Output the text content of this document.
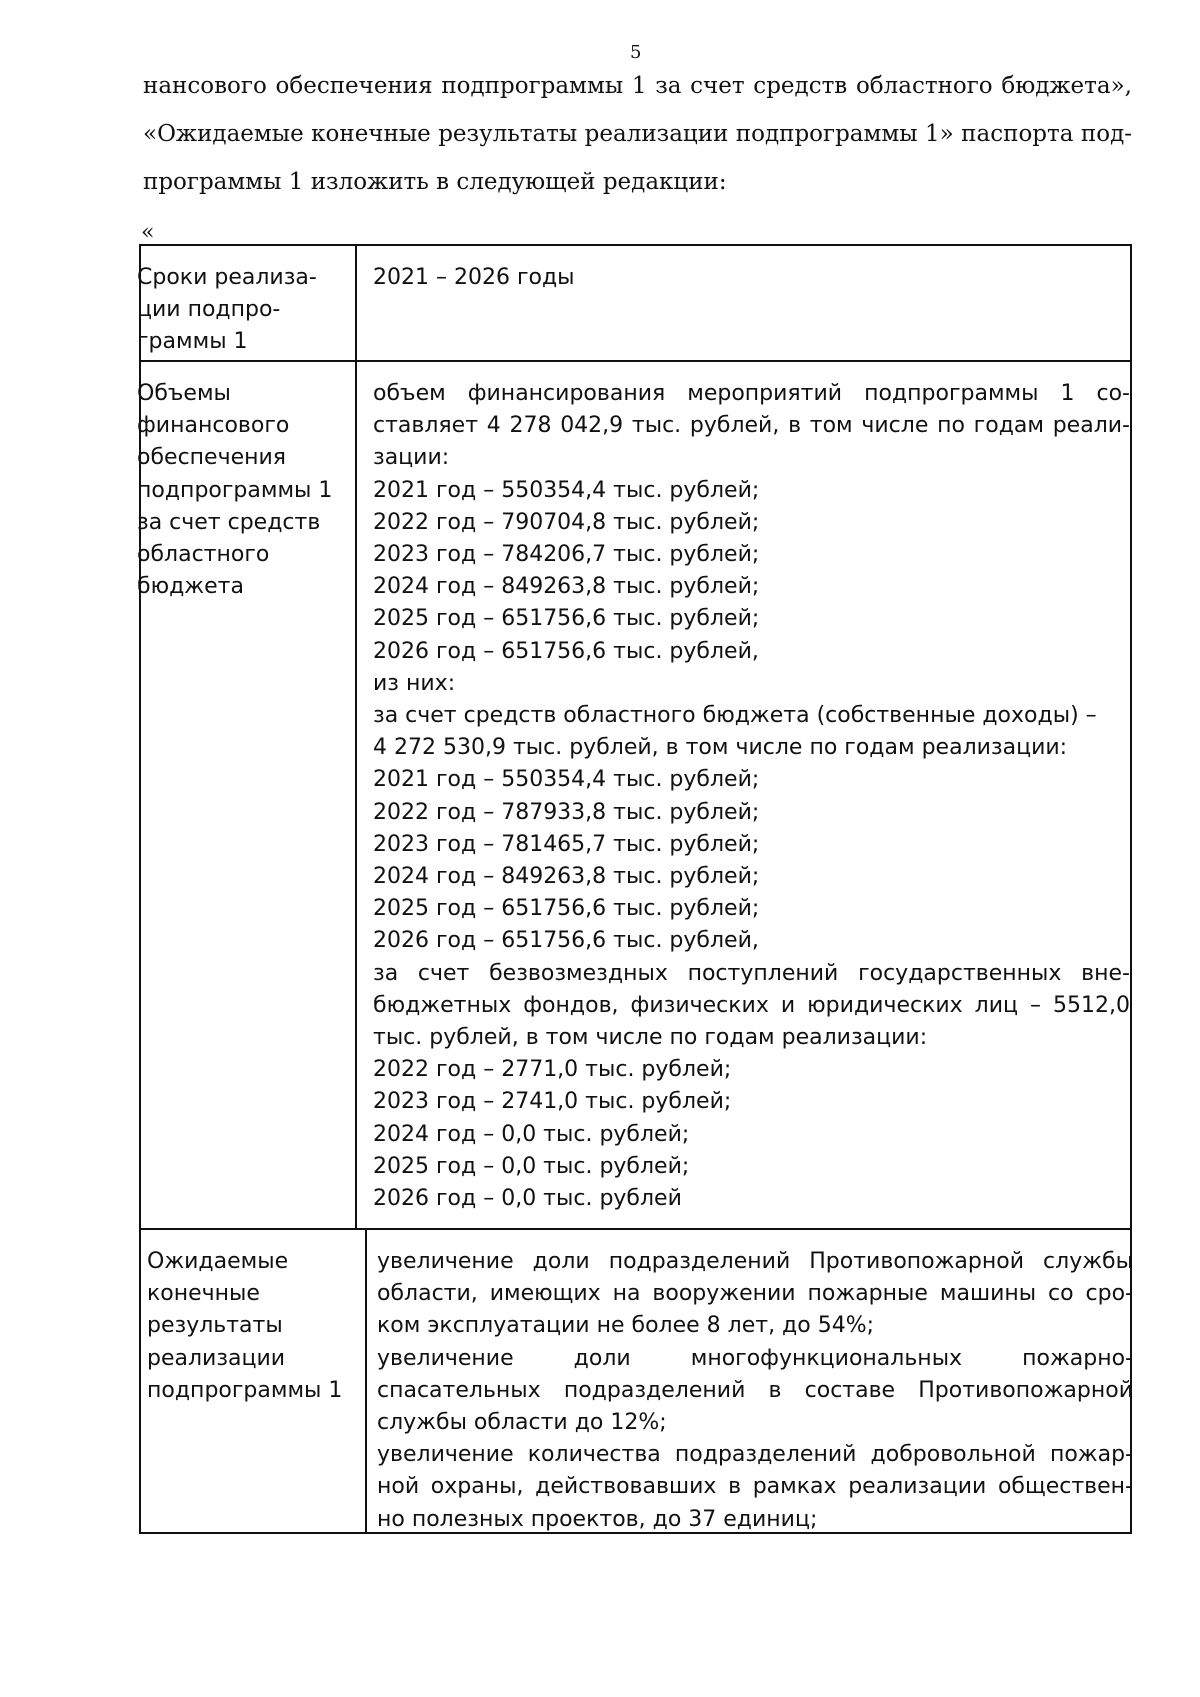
5
нансового обеспечения подпрограммы 1 за счет средств областного бюджета»,
«Ожидаемые конечные результаты реализации подпрограммы 1» паспорта под-
программы 1 изложить в следующей редакции:
«
Сроки реализа-
ции подпро-
граммы 1
2021 – 2026 годы
Объемы
финансового
обеспечения
подпрограммы 1
за счет средств
областного
бюджета
объем финансирования мероприятий подпрограммы 1 со-
ставляет 4 278 042,9 тыс. рублей, в том числе по годам реали-
зации:
2021 год – 550354,4 тыс. рублей;
2022 год – 790704,8 тыс. рублей;
2023 год – 784206,7 тыс. рублей;
2024 год – 849263,8 тыс. рублей;
2025 год – 651756,6 тыс. рублей;
2026 год – 651756,6 тыс. рублей,
из них:
за счет средств областного бюджета (собственные доходы) –
4 272 530,9 тыс. рублей, в том числе по годам реализации:
2021 год – 550354,4 тыс. рублей;
2022 год – 787933,8 тыс. рублей;
2023 год – 781465,7 тыс. рублей;
2024 год – 849263,8 тыс. рублей;
2025 год – 651756,6 тыс. рублей;
2026 год – 651756,6 тыс. рублей,
за счет безвозмездных поступлений государственных вне-
бюджетных фондов, физических и юридических лиц – 5512,0
тыс. рублей, в том числе по годам реализации:
2022 год – 2771,0 тыс. рублей;
2023 год – 2741,0 тыс. рублей;
2024 год – 0,0 тыс. рублей;
2025 год – 0,0 тыс. рублей;
2026 год – 0,0 тыс. рублей
Ожидаемые
конечные
результаты
реализации
подпрограммы 1
увеличение доли подразделений Противопожарной службы
области, имеющих на вооружении пожарные машины со сро-
ком эксплуатации не более 8 лет, до 54%;
увеличение доли многофункциональных пожарно-
спасательных подразделений в составе Противопожарной
службы области до 12%;
увеличение количества подразделений добровольной пожар-
ной охраны, действовавших в рамках реализации обществен-
но полезных проектов, до 37 единиц;
